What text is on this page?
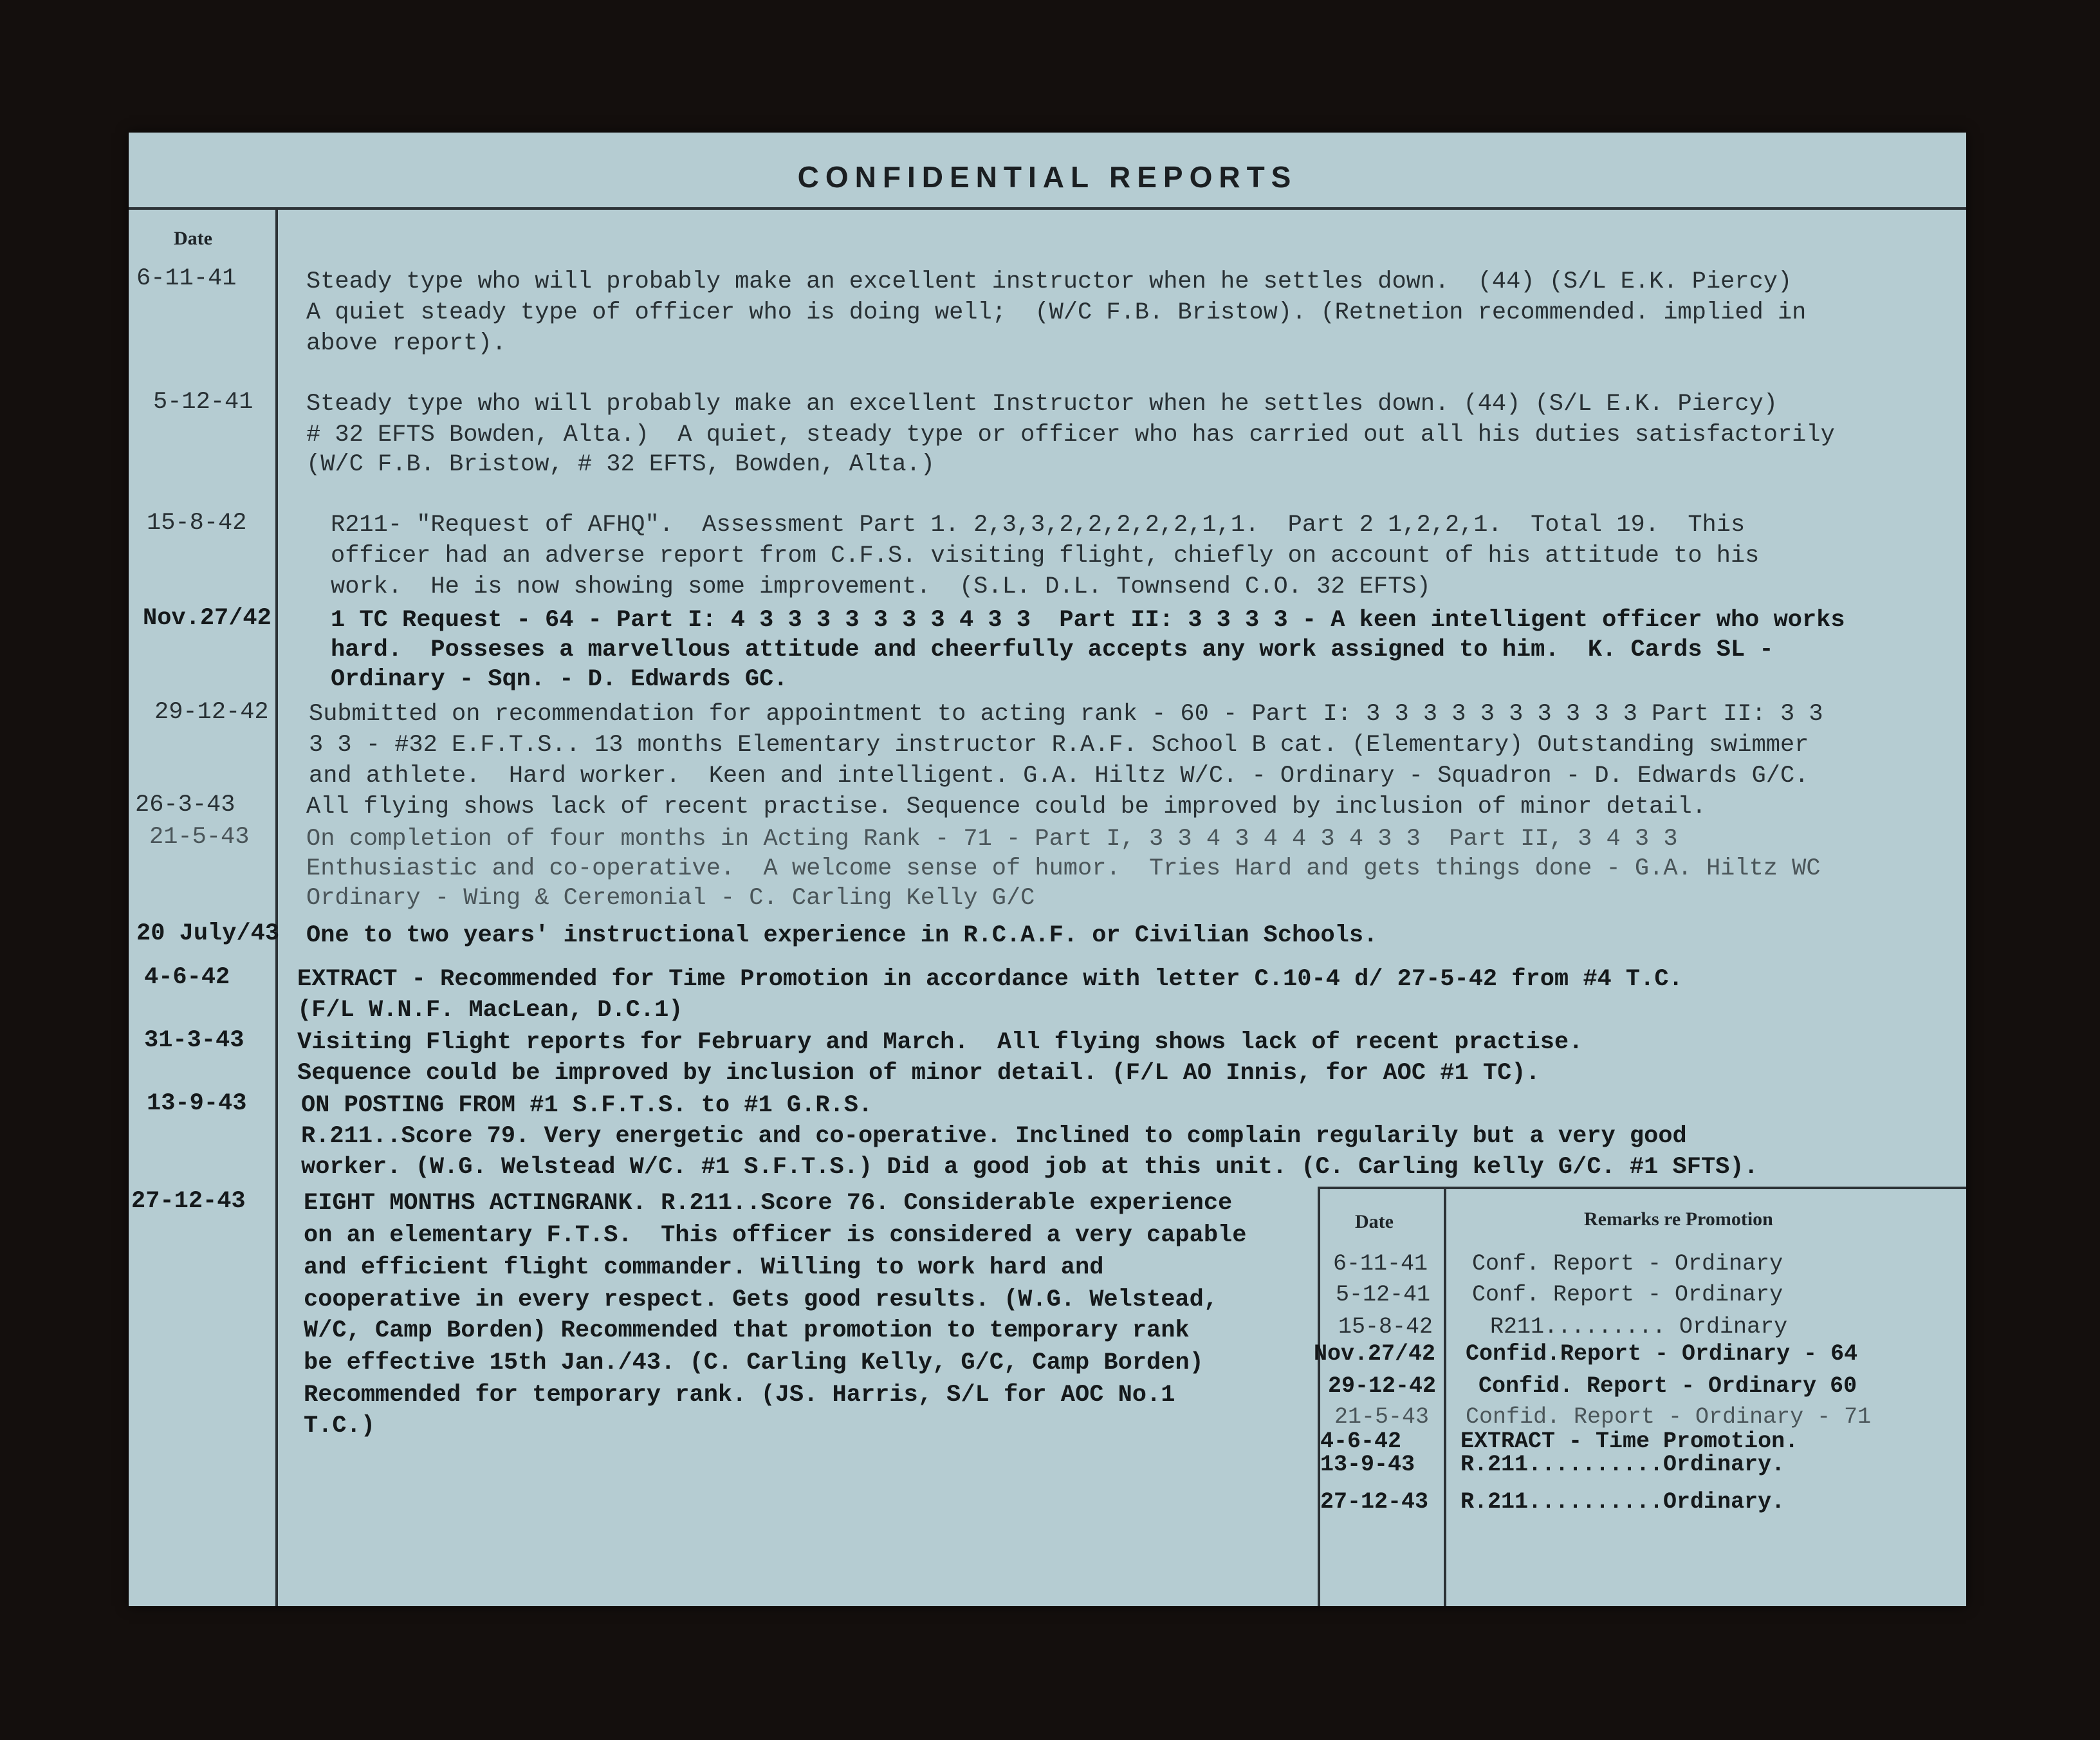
CONFIDENTIAL REPORTS
Date
6-11-41	Steady type who will probably make an excellent instructor when he settles down.  (44) (S/L E.K. Piercy)
A quiet steady type of officer who is doing well;  (W/C F.B. Bristow). (Retnetion recommended. implied in
above report).
5-12-41 Steady type who will probably make an excellent Instructor when he settles down. (44) (S/L E.K. Piercy)
# 32 EFTS Bowden, Alta.)  A quiet, steady type or officer who has carried out all his duties satisfactorily
(W/C F.B. Bristow, # 32 EFTS, Bowden, Alta.)
15-8-42	R211- "Request of AFHQ".  Assessment Part 1. 2,3,3,2,2,2,2,2,1,1.  Part 2 1,2,2,1.  Total 19.  This
officer had an adverse report from C.F.S. visiting flight, chiefly on account of his attitude to his
work.  He is now showing some improvement.  (S.L. D.L. Townsend C.O. 32 EFTS)
Nov.27/42 1 TC Request - 64 - Part I: 4 3 3 3 3 3 3 3 4 3 3  Part II: 3 3 3 3 - A keen intelligent officer who works
hard.  Posseses a marvellous attitude and cheerfully accepts any work assigned to him.  K. Cards SL -
Ordinary - Sqn. - D. Edwards GC.
29-12-42 Submitted on recommendation for appointment to acting rank - 60 - Part I: 3 3 3 3 3 3 3 3 3 3 Part II: 3 3
3 3 - #32 E.F.T.S.. 13 months Elementary instructor R.A.F. School B cat. (Elementary) Outstanding swimmer
and athlete.  Hard worker.  Keen and intelligent. G.A. Hiltz W/C. - Ordinary - Squadron - D. Edwards G/C.
26-3-43	All flying shows lack of recent practise. Sequence could be improved by inclusion of minor detail.
21-5-43 On completion of four months in Acting Rank - 71 - Part I, 3 3 4 3 4 4 3 4 3 3  Part II, 3 4 3 3
Enthusiastic and co-operative.  A welcome sense of humor.  Tries Hard and gets things done - G.A. Hiltz WC
Ordinary - Wing & Ceremonial - C. Carling Kelly G/C
20 July/43 One to two years' instructional experience in R.C.A.F. or Civilian Schools.
4-6-42	EXTRACT - Recommended for Time Promotion in accordance with letter C.10-4 d/ 27-5-42 from #4 T.C.
(F/L W.N.F. MacLean, D.C.1)
31-3-43 Visiting Flight reports for February and March.  All flying shows lack of recent practise.
Sequence could be improved by inclusion of minor detail. (F/L AO Innis, for AOC #1 TC).
13-9-43 ON POSTING FROM #1 S.F.T.S. to #1 G.R.S.
R.211..Score 79. Very energetic and co-operative. Inclined to complain regularily but a very good
worker. (W.G. Welstead W/C. #1 S.F.T.S.) Did a good job at this unit. (C. Carling kelly G/C. #1 SFTS).
27-12-43 EIGHT MONTHS ACTINGRANK. R.211..Score 76. Considerable experience
on an elementary F.T.S.  This officer is considered a very capable
and efficient flight commander. Willing to work hard and
cooperative in every respect. Gets good results. (W.G. Welstead,
W/C, Camp Borden) Recommended that promotion to temporary rank
be effective 15th Jan./43. (C. Carling Kelly, G/C, Camp Borden)
Recommended for temporary rank. (JS. Harris, S/L for AOC No.1
T.C.)
Date	Remarks re Promotion
6-11-41 Conf. Report - Ordinary
5-12-41 Conf. Report - Ordinary
15-8-42	R211......... Ordinary
Nov.27/42 Confid.Report - Ordinary - 64
29-12-42 Confid. Report - Ordinary 60
21-5-43 Confid. Report - Ordinary - 71
4-6-42	EXTRACT - Time Promotion.
13-9-43 R.211..........Ordinary.
27-12-43 R.211..........Ordinary.
